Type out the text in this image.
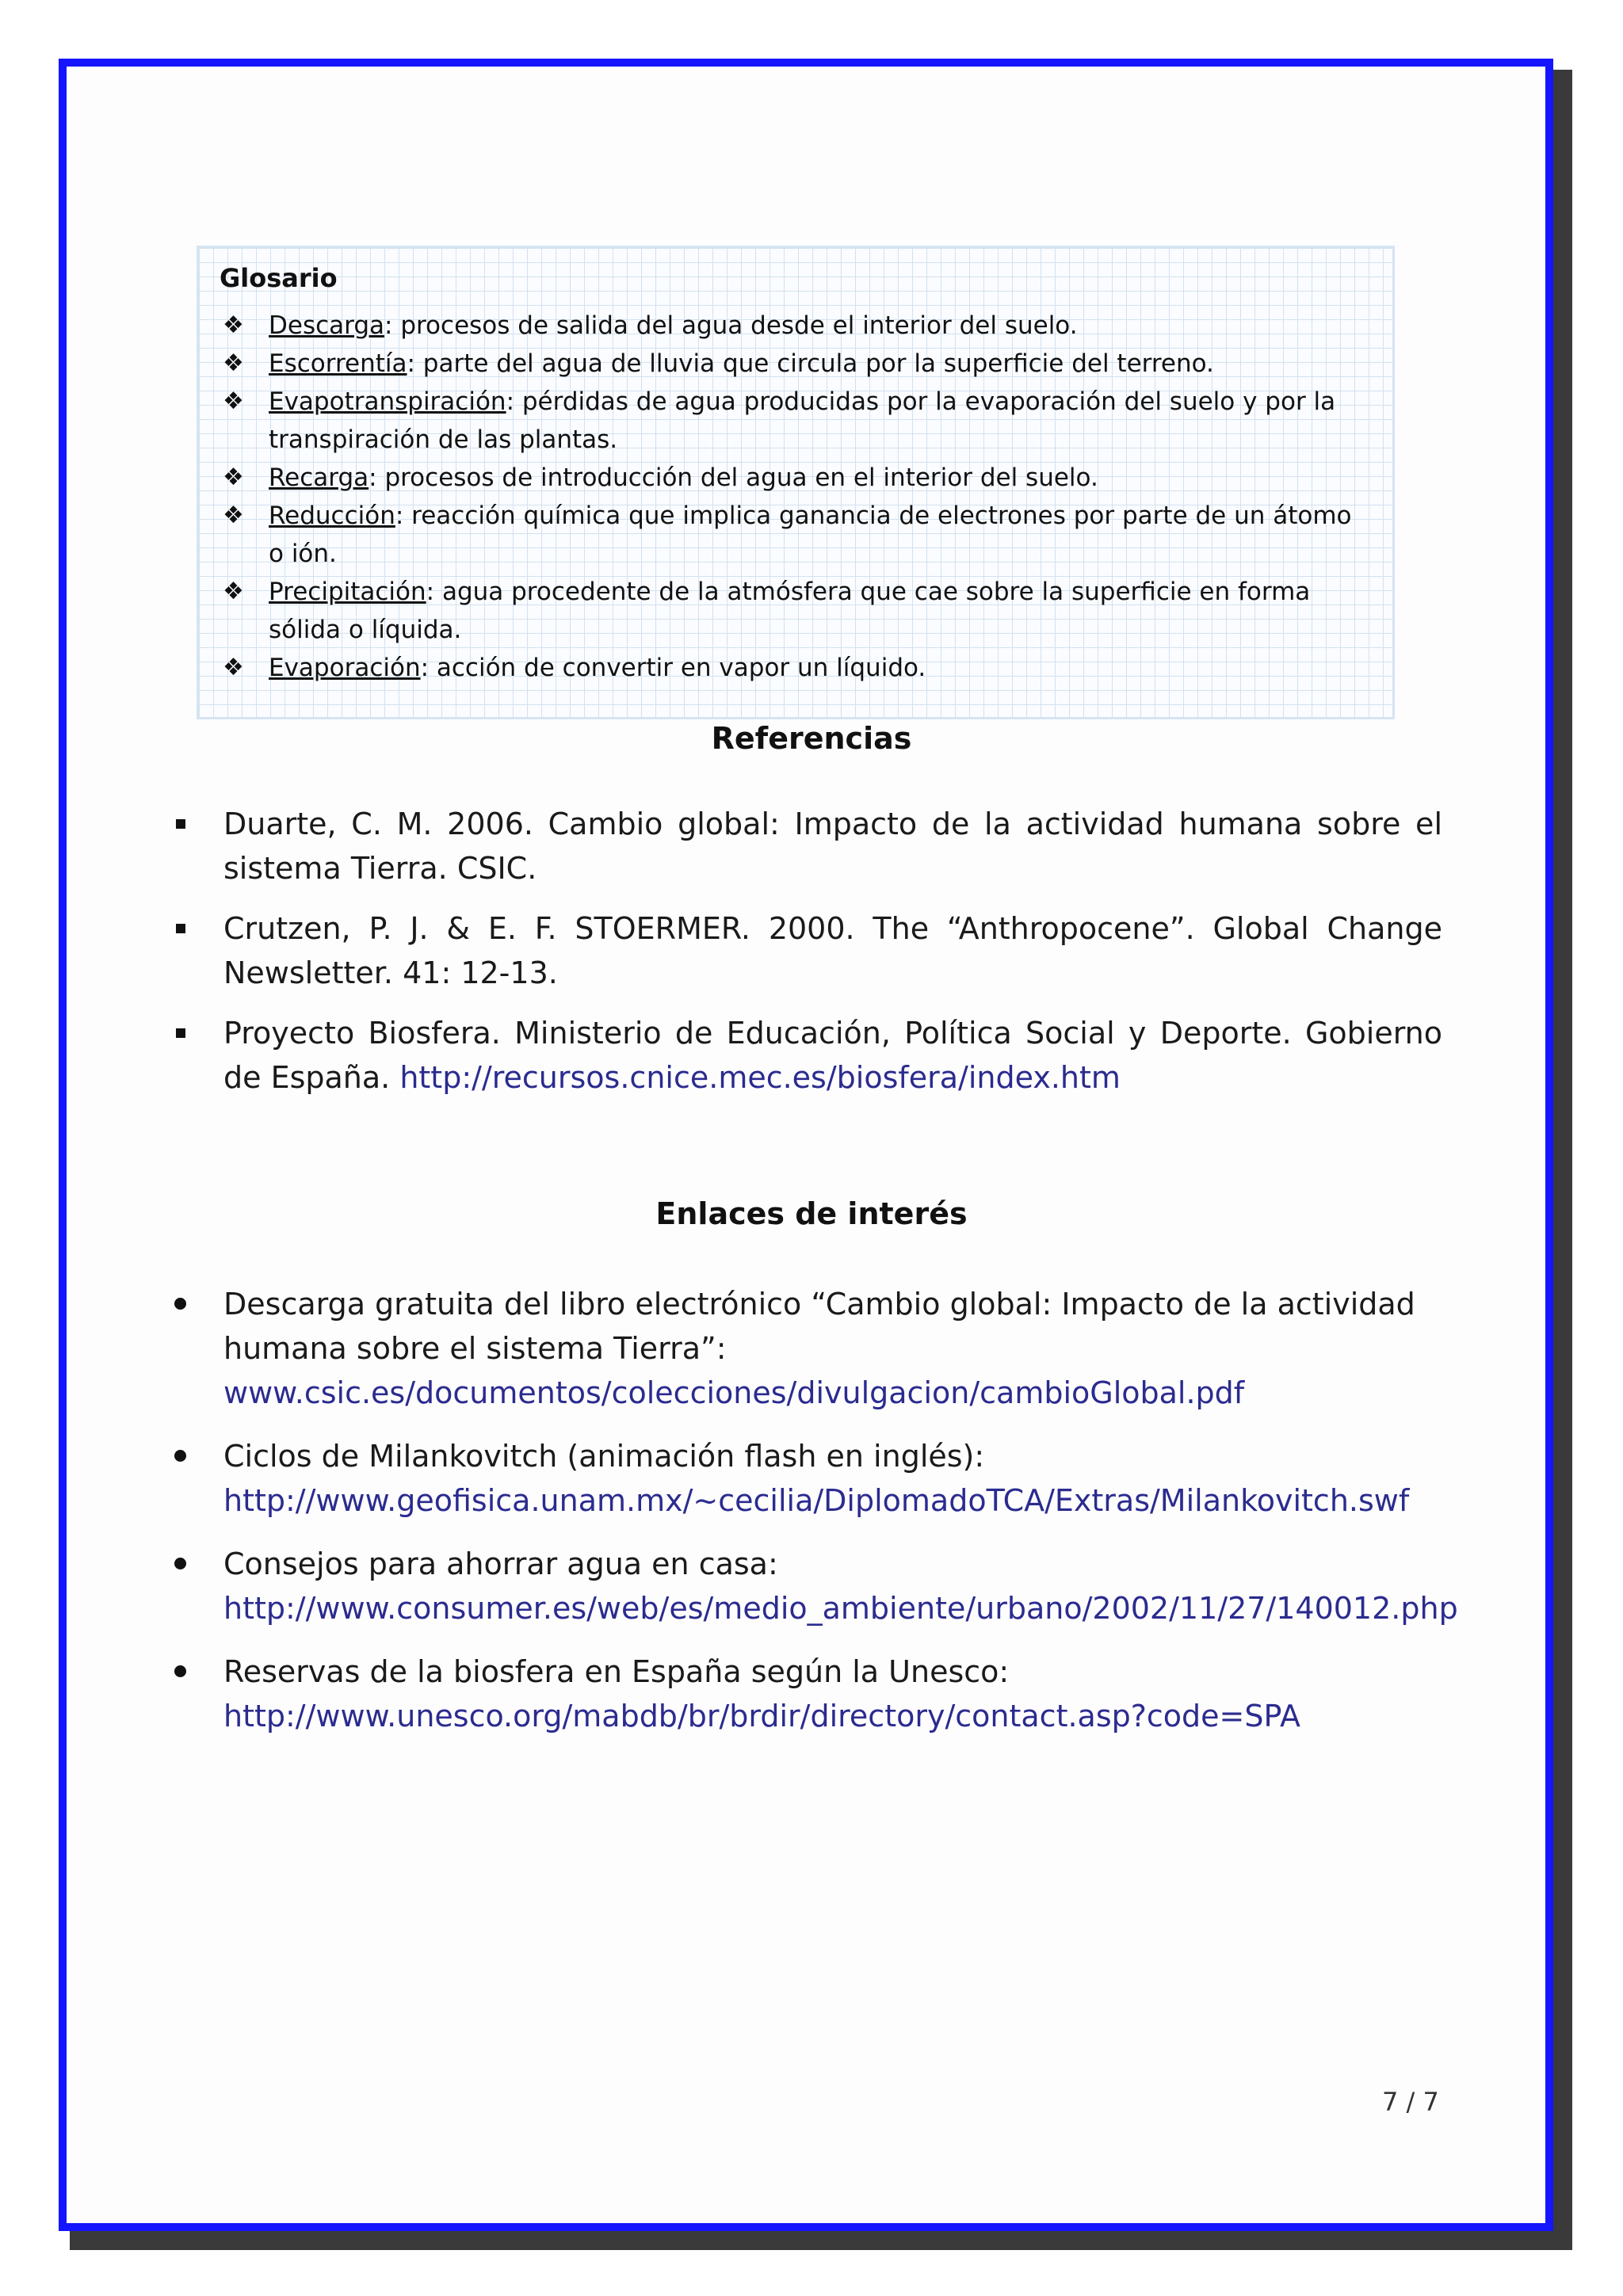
Glosario
❖ Descarga: procesos de salida del agua desde el interior del suelo.
❖ Escorrentía: parte del agua de lluvia que circula por la superficie del terreno.
❖ Evapotranspiración: pérdidas de agua producidas por la evaporación del suelo y por la transpiración de las plantas.
❖ Recarga: procesos de introducción del agua en el interior del suelo.
❖ Reducción: reacción química que implica ganancia de electrones por parte de un átomo o ión.
❖ Precipitación: agua procedente de la atmósfera que cae sobre la superficie en forma sólida o líquida.
❖ Evaporación: acción de convertir en vapor un líquido.
Referencias
Duarte, C. M. 2006. Cambio global: Impacto de la actividad humana sobre el sistema Tierra. CSIC.
Crutzen, P. J. & E. F. STOERMER. 2000. The “Anthropocene”. Global Change Newsletter. 41: 12-13.
Proyecto Biosfera. Ministerio de Educación, Política Social y Deporte. Gobierno de España. http://recursos.cnice.mec.es/biosfera/index.htm
Enlaces de interés
Descarga gratuita del libro electrónico “Cambio global: Impacto de la actividad humana sobre el sistema Tierra”:
www.csic.es/documentos/colecciones/divulgacion/cambioGlobal.pdf
Ciclos de Milankovitch (animación flash en inglés):
http://www.geofisica.unam.mx/~cecilia/DiplomadoTCA/Extras/Milankovitch.swf
Consejos para ahorrar agua en casa:
http://www.consumer.es/web/es/medio_ambiente/urbano/2002/11/27/140012.php
Reservas de la biosfera en España según la Unesco:
http://www.unesco.org/mabdb/br/brdir/directory/contact.asp?code=SPA
7 / 7
